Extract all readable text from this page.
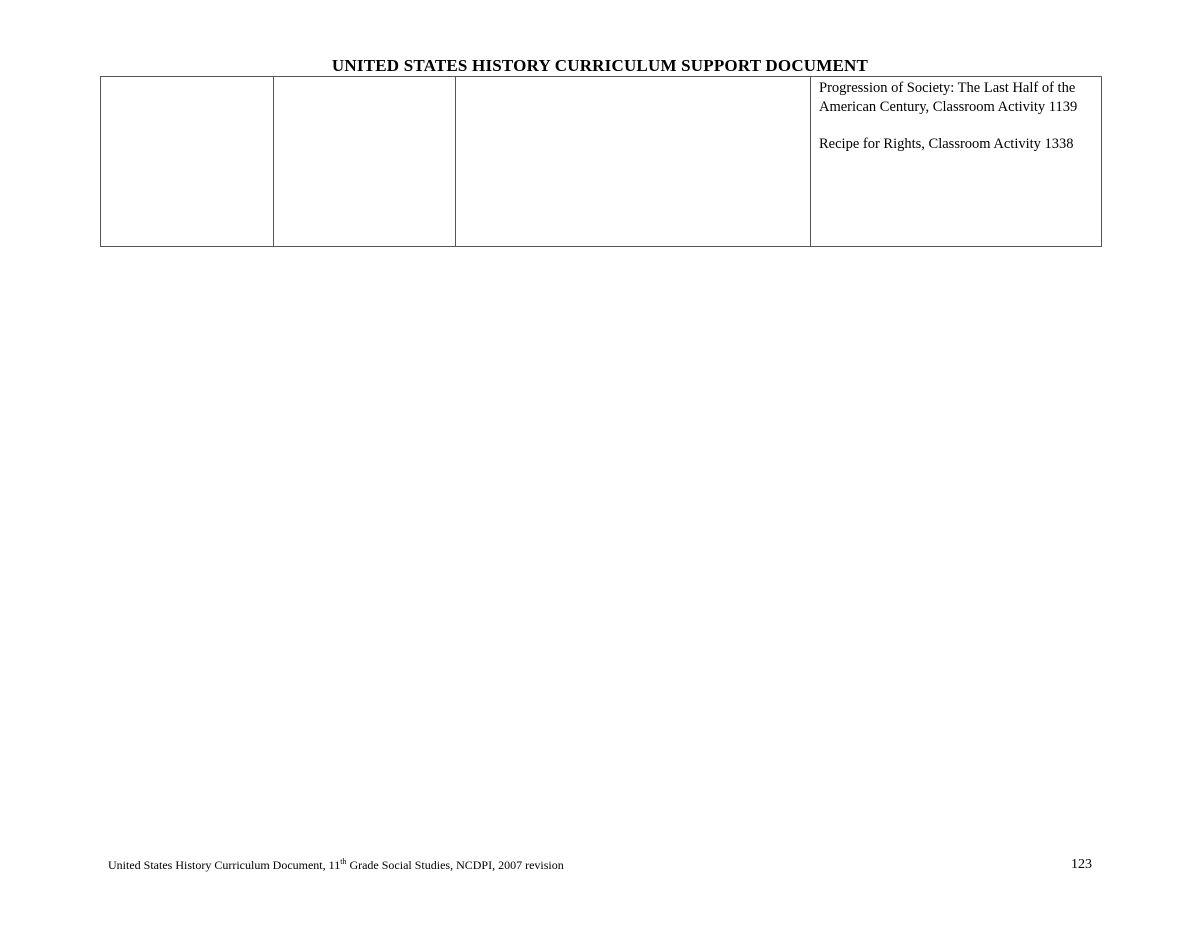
UNITED STATES HISTORY CURRICULUM SUPPORT DOCUMENT

Progression of Society: The Last Half of the American Century, Classroom Activity 1139

Recipe for Rights, Classroom Activity 1338

United States History Curriculum Document, 11th Grade Social Studies, NCDPI, 2007 revision	123
